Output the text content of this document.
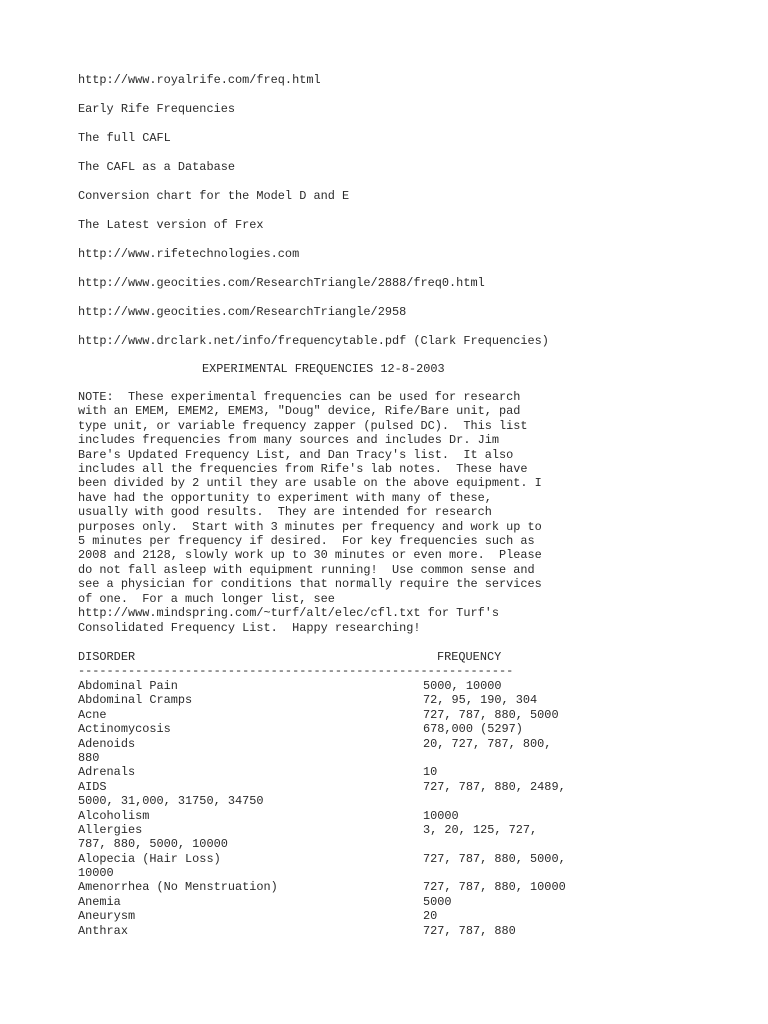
http://www.royalrife.com/freq.html
Early Rife Frequencies
The full CAFL
The CAFL as a Database
Conversion chart for the Model D and E
The Latest version of Frex
http://www.rifetechnologies.com
http://www.geocities.com/ResearchTriangle/2888/freq0.html
http://www.geocities.com/ResearchTriangle/2958
http://www.drclark.net/info/frequencytable.pdf (Clark Frequencies)
EXPERIMENTAL FREQUENCIES 12-8-2003
NOTE:  These experimental frequencies can be used for research
with an EMEM, EMEM2, EMEM3, "Doug" device, Rife/Bare unit, pad
type unit, or variable frequency zapper (pulsed DC).  This list
includes frequencies from many sources and includes Dr. Jim
Bare's Updated Frequency List, and Dan Tracy's list.  It also
includes all the frequencies from Rife's lab notes.  These have
been divided by 2 until they are usable on the above equipment. I
have had the opportunity to experiment with many of these,
usually with good results.  They are intended for research
purposes only.  Start with 3 minutes per frequency and work up to
5 minutes per frequency if desired.  For key frequencies such as
2008 and 2128, slowly work up to 30 minutes or even more.  Please
do not fall asleep with equipment running!  Use common sense and
see a physician for conditions that normally require the services
of one.  For a much longer list, see
http://www.mindspring.com/~turf/alt/elec/cfl.txt for Turf's
Consolidated Frequency List.  Happy researching!
DISORDER	FREQUENCY
-------------------------------------------------------------
Abdominal Pain	5000, 10000
Abdominal Cramps	72, 95, 190, 304
Acne	727, 787, 880, 5000
Actinomycosis	678,000 (5297)
Adenoids	20, 727, 787, 800,
880
Adrenals	10
AIDS	727, 787, 880, 2489,
5000, 31,000, 31750, 34750
Alcoholism	10000
Allergies	3, 20, 125, 727,
787, 880, 5000, 10000
Alopecia (Hair Loss)	727, 787, 880, 5000,
10000
Amenorrhea (No Menstruation)	727, 787, 880, 10000
Anemia	5000
Aneurysm	20
Anthrax	727, 787, 880
